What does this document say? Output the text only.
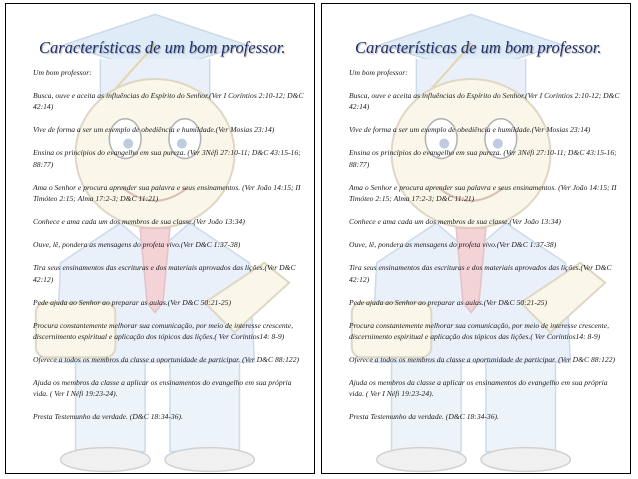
Características de um bom professor.
Um bom professor:
Busca, ouve e aceita as influências do Espírito do Senhor.(Ver I Coríntios 2:10-12; D&C 42:14)
Vive de forma a ser um exemplo de obediência e humildade.(Ver Mosias 23:14)
Ensina os princípios do evangelho em sua pureza. (Ver 3Néfi 27:10-11; D&C 43:15-16; 88:77)
Ama o Senhor e procura aprender sua palavra e seus ensinamentos. (Ver João 14:15; II Timóteo 2:15; Alma 17:2-3; D&C 11:21)
Conhece e ama cada um dos membros de sua classe.(Ver João 13:34)
Ouve, lê, pondera as mensagens do profeta vivo.(Ver D&C 1:37-38)
Tira seus ensinamentos das escrituras e dos materiais aprovados das lições.(Ver D&C 42:12)
Pede ajuda ao Senhor ao preparar as aulas.(Ver D&C 50:21-25)
Procura constantemente melhorar sua comunicação, por meio de interesse crescente, discernimento espiritual e aplicação dos tópicos das lições.( Ver Coríntios14: 8-9)
Oferece a todos os membros da classe a oportunidade de participar. (Ver D&C 88:122)
Ajuda os membros da classe a aplicar os ensinamentos do evangelho em sua própria vida. ( Ver I Néfi 19:23-24).
Presta Testemunho da verdade. (D&C 18:34-36).
Características de um bom professor.
Um bom professor:
Busca, ouve e aceita as influências do Espírito do Senhor.(Ver I Coríntios 2:10-12; D&C 42:14)
Vive de forma a ser um exemplo de obediência e humildade.(Ver Mosias 23:14)
Ensina os princípios do evangelho em sua pureza. (Ver 3Néfi 27:10-11; D&C 43:15-16; 88:77)
Ama o Senhor e procura aprender sua palavra e seus ensinamentos. (Ver João 14:15; II Timóteo 2:15; Alma 17:2-3; D&C 11:21)
Conhece e ama cada um dos membros de sua classe.(Ver João 13:34)
Ouve, lê, pondera as mensagens do profeta vivo.(Ver D&C 1:37-38)
Tira seus ensinamentos das escrituras e dos materiais aprovados das lições.(Ver D&C 42:12)
Pede ajuda ao Senhor ao preparar as aulas.(Ver D&C 50:21-25)
Procura constantemente melhorar sua comunicação, por meio de interesse crescente, discernimento espiritual e aplicação dos tópicos das lições.( Ver Coríntios14: 8-9)
Oferece a todos os membros da classe a oportunidade de participar. (Ver D&C 88:122)
Ajuda os membros da classe a aplicar os ensinamentos do evangelho em sua própria vida. ( Ver I Néfi 19:23-24).
Presta Testemunho da verdade. (D&C 18:34-36).
